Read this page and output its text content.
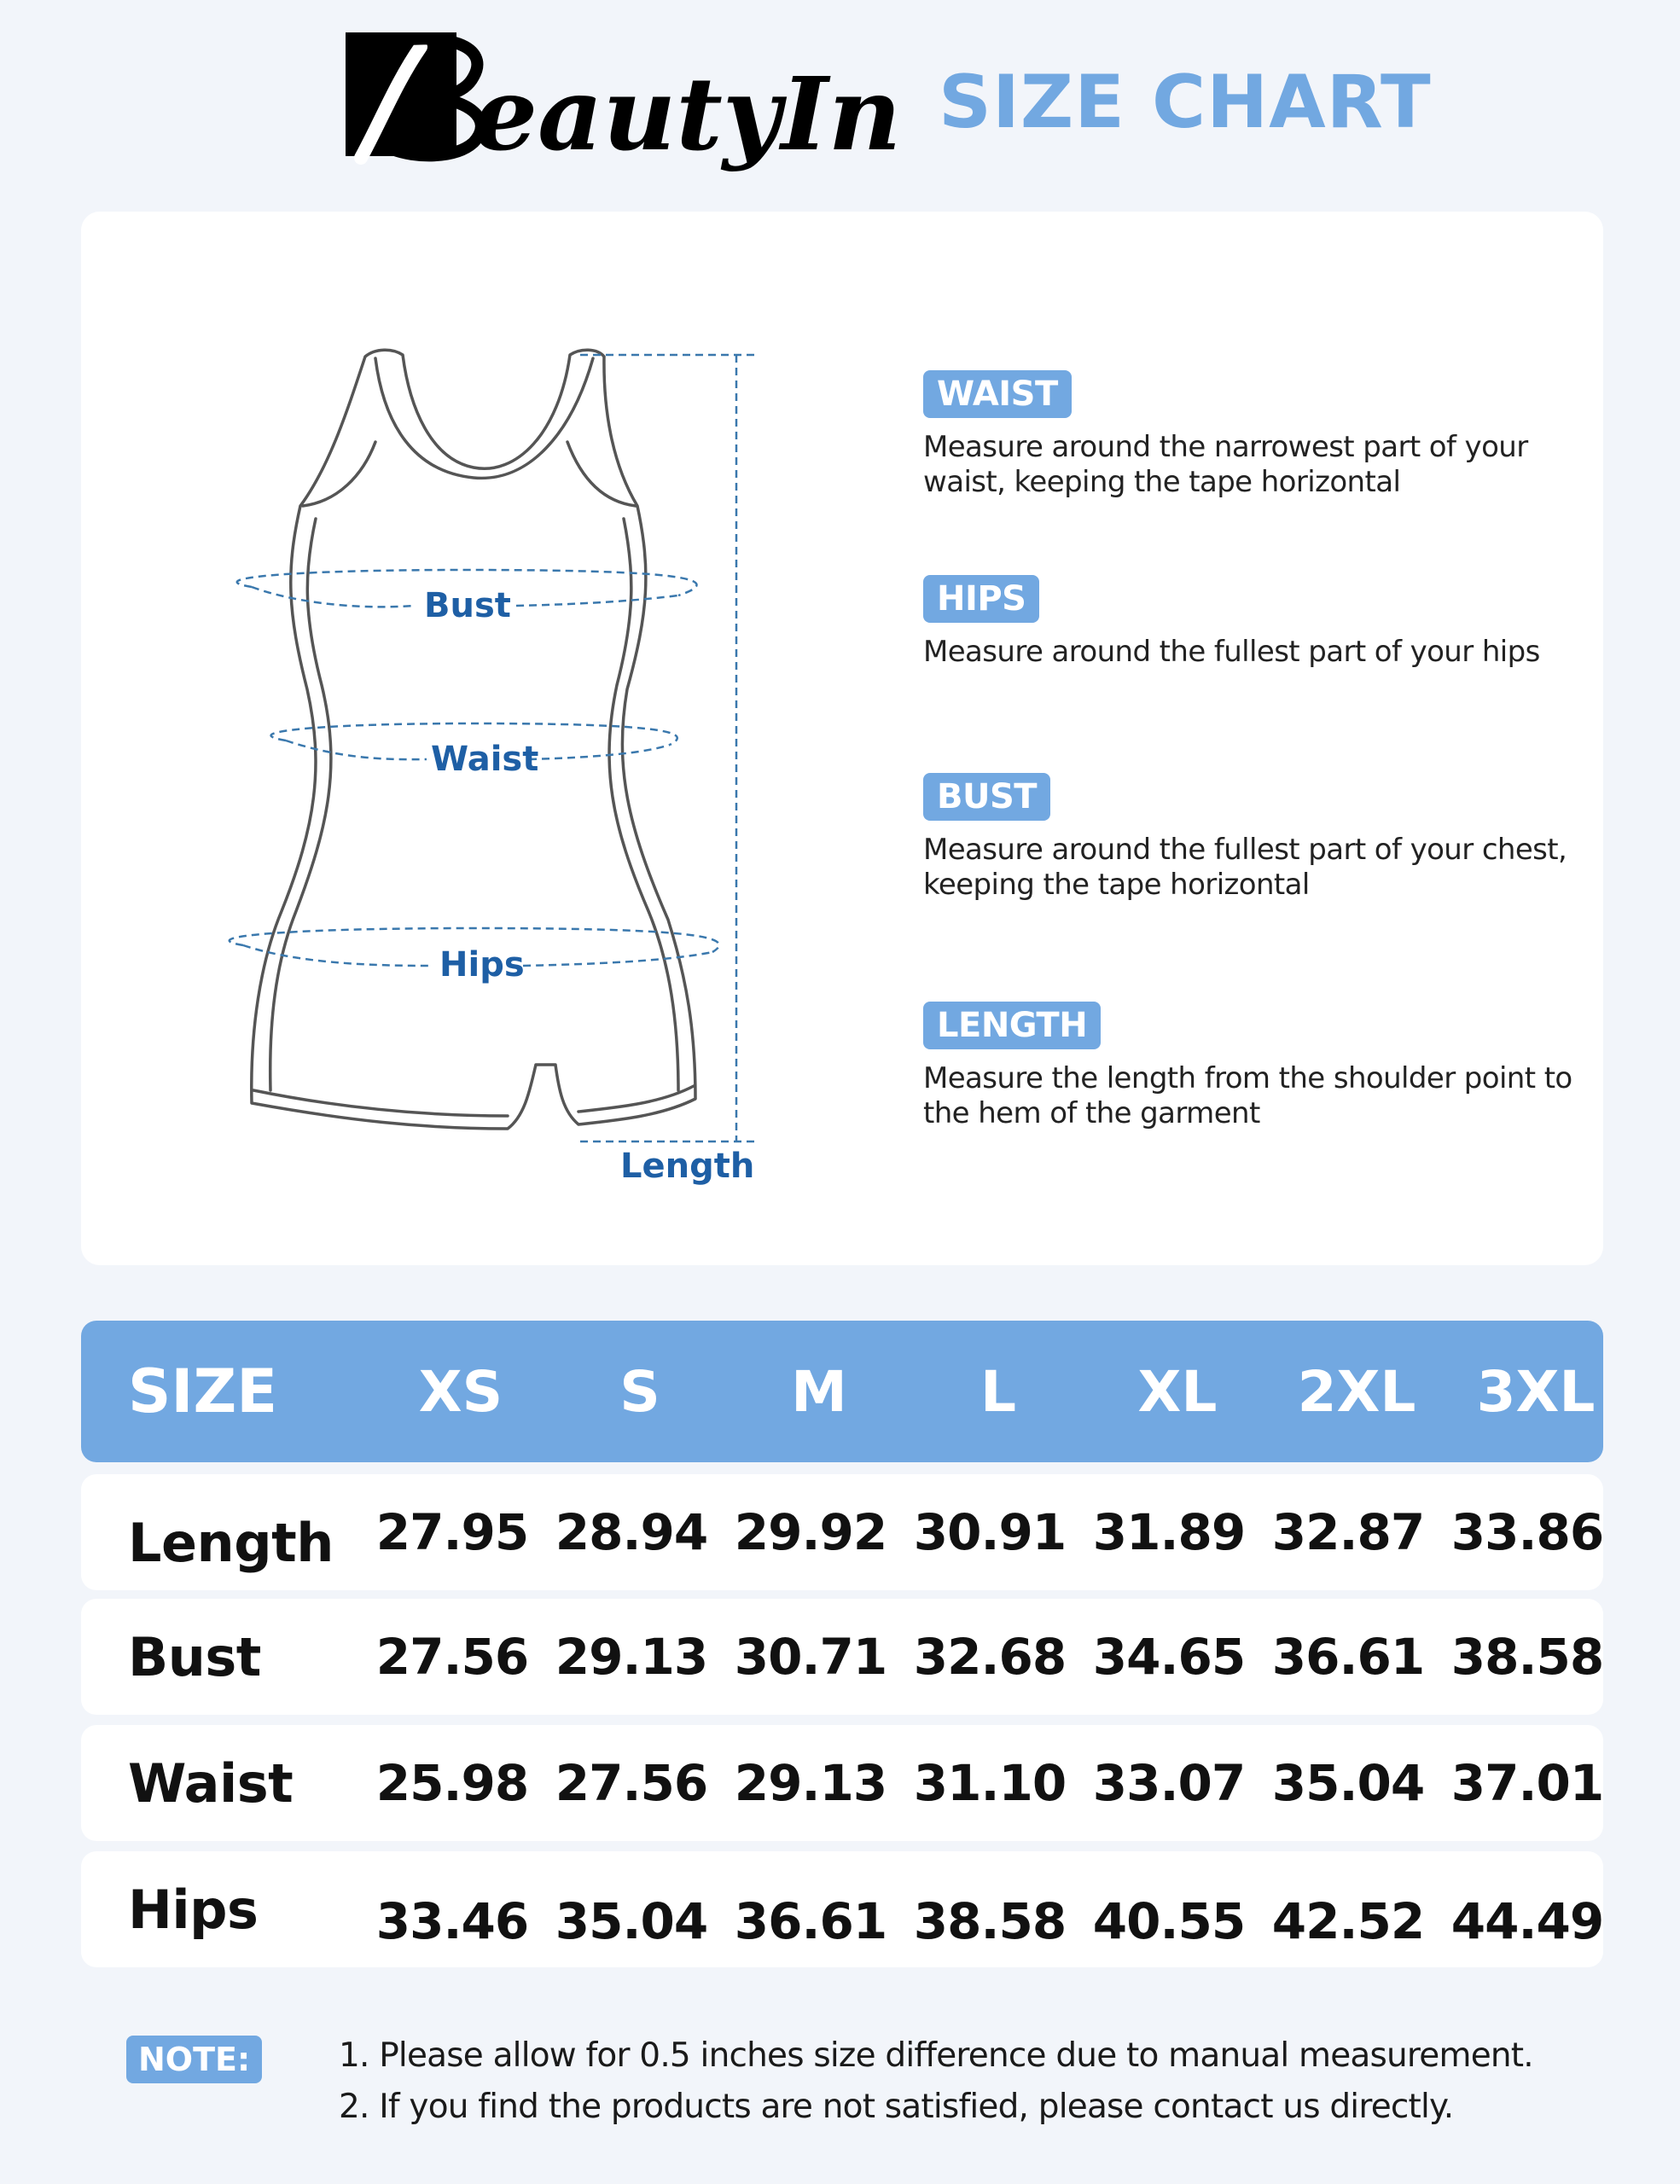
eautyIn SIZE CHART
Bust
Waist
Hips
Length
WAIST
Measure around the narrowest part of your waist, keeping the tape horizontal
HIPS
Measure around the fullest part of your hips
BUST
Measure around the fullest part of your chest, keeping the tape horizontal
LENGTH
Measure the length from the shoulder point to the hem of the garment
SIZE	XS	S	M	L	XL	2XL	3XL
Length 27.95 28.94 29.92 30.91 31.89 32.87 33.86
Bust	27.56 29.13 30.71 32.68 34.65 36.61 38.58
Waist	25.98 27.56 29.13 31.10 33.07 35.04 37.01
Hips	33.46 35.04 36.61 38.58 40.55 42.52 44.49
NOTE:	1. Please allow for 0.5 inches size difference due to manual measurement.
2. If you find the products are not satisfied, please contact us directly.
